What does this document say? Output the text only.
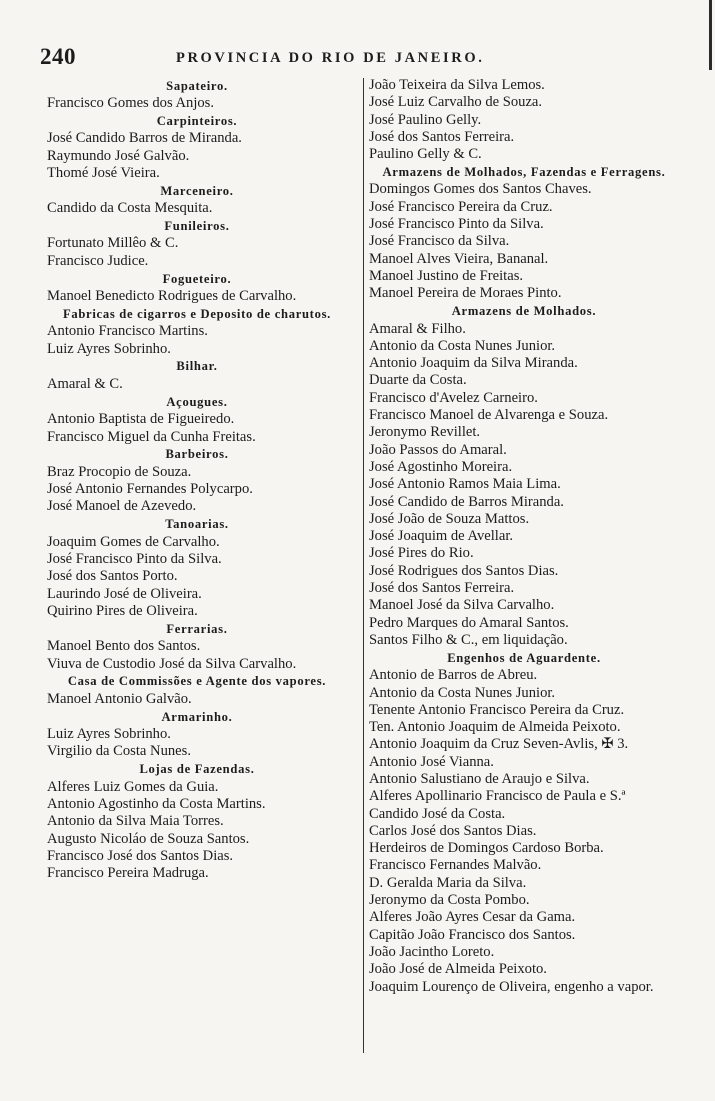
240	PROVINCIA DO RIO DE JANEIRO.
Sapateiro.
Francisco Gomes dos Anjos.
Carpinteiros.
José Candido Barros de Miranda.
Raymundo José Galvão.
Thomé José Vieira.
Marceneiro.
Candido da Costa Mesquita.
Funileiros.
Fortunato Millêo & C.
Francisco Judice.
Fogueteiro.
Manoel Benedicto Rodrigues de Carvalho.
Fabricas de cigarros e Deposito de charutos.
Antonio Francisco Martins.
Luiz Ayres Sobrinho.
Bilhar.
Amaral & C.
Açougues.
Antonio Baptista de Figueiredo.
Francisco Miguel da Cunha Freitas.
Barbeiros.
Braz Procopio de Souza.
José Antonio Fernandes Polycarpo.
José Manoel de Azevedo.
Tanoarias.
Joaquim Gomes de Carvalho.
José Francisco Pinto da Silva.
José dos Santos Porto.
Laurindo José de Oliveira.
Quirino Pires de Oliveira.
Ferrarias.
Manoel Bento dos Santos.
Viuva de Custodio José da Silva Carvalho.
Casa de Commissões e Agente dos vapores.
Manoel Antonio Galvão.
Armarinho.
Luiz Ayres Sobrinho.
Virgilio da Costa Nunes.
Lojas de Fazendas.
Alferes Luiz Gomes da Guia.
Antonio Agostinho da Costa Martins.
Antonio da Silva Maia Torres.
Augusto Nicoláo de Souza Santos.
Francisco José dos Santos Dias.
Francisco Pereira Madruga.
João Teixeira da Silva Lemos.
José Luiz Carvalho de Souza.
José Paulino Gelly.
José dos Santos Ferreira.
Paulino Gelly & C.
Armazens de Molhados, Fazendas e Ferragens.
Domingos Gomes dos Santos Chaves.
José Francisco Pereira da Cruz.
José Francisco Pinto da Silva.
José Francisco da Silva.
Manoel Alves Vieira, Bananal.
Manoel Justino de Freitas.
Manoel Pereira de Moraes Pinto.
Armazens de Molhados.
Amaral & Filho.
Antonio da Costa Nunes Junior.
Antonio Joaquim da Silva Miranda.
Duarte da Costa.
Francisco d'Avelez Carneiro.
Francisco Manoel de Alvarenga e Souza.
Jeronymo Revillet.
João Passos do Amaral.
José Agostinho Moreira.
José Antonio Ramos Maia Lima.
José Candido de Barros Miranda.
José João de Souza Mattos.
José Joaquim de Avellar.
José Pires do Rio.
José Rodrigues dos Santos Dias.
José dos Santos Ferreira.
Manoel José da Silva Carvalho.
Pedro Marques do Amaral Santos.
Santos Filho & C., em liquidação.
Engenhos de Aguardente.
Antonio de Barros de Abreu.
Antonio da Costa Nunes Junior.
Tenente Antonio Francisco Pereira da Cruz.
Ten. Antonio Joaquim de Almeida Peixoto.
Antonio Joaquim da Cruz Seven-Avlis, ✠ 3.
Antonio José Vianna.
Antonio Salustiano de Araujo e Silva.
Alferes Apollinario Francisco de Paula e S.ª
Candido José da Costa.
Carlos José dos Santos Dias.
Herdeiros de Domingos Cardoso Borba.
Francisco Fernandes Malvão.
D. Geralda Maria da Silva.
Jeronymo da Costa Pombo.
Alferes João Ayres Cesar da Gama.
Capitão João Francisco dos Santos.
João Jacintho Loreto.
João José de Almeida Peixoto.
Joaquim Lourenço de Oliveira, engenho a vapor.
